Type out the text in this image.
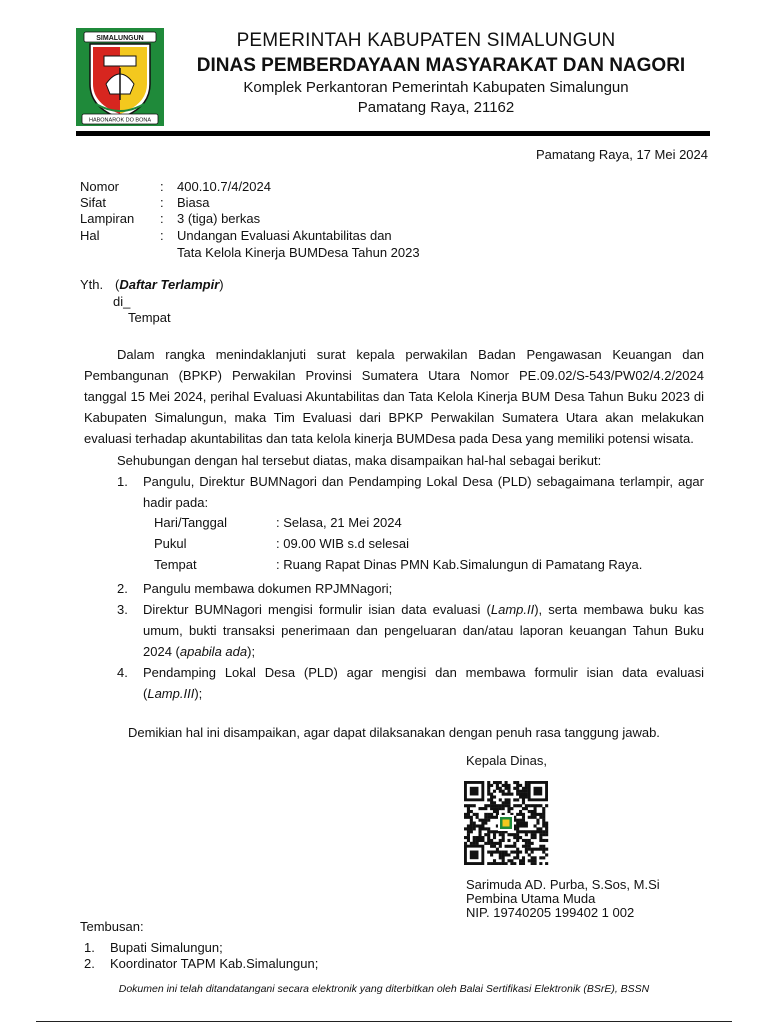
SIMALUNGUN
HABONAROK DO BONA
PEMERINTAH KABUPATEN SIMALUNGUN
DINAS PEMBERDAYAAN MASYARAKAT DAN NAGORI
Komplek Perkantoran Pemerintah Kabupaten Simalungun
Pamatang Raya, 21162
Pamatang Raya, 17 Mei 2024
Nomor	: 400.10.7/4/2024
Sifat	: Biasa
Lampiran : 3 (tiga) berkas
Hal	: Undangan Evaluasi Akuntabilitas dan
Tata Kelola Kinerja BUMDesa Tahun 2023
Yth. (Daftar Terlampir)
di_
Tempat
Dalam rangka menindaklanjuti surat kepala perwakilan Badan Pengawasan Keuangan dan Pembangunan (BPKP) Perwakilan Provinsi Sumatera Utara Nomor PE.09.02/S-543/PW02/4.2/2024 tanggal 15 Mei 2024, perihal Evaluasi Akuntabilitas dan Tata Kelola Kinerja BUM Desa Tahun Buku 2023 di Kabupaten Simalungun, maka Tim Evaluasi dari BPKP Perwakilan Sumatera Utara akan melakukan evaluasi terhadap akuntabilitas dan tata kelola kinerja BUMDesa pada Desa yang memiliki potensi wisata.
Sehubungan dengan hal tersebut diatas, maka disampaikan hal-hal sebagai berikut:
1. Pangulu, Direktur BUMNagori dan Pendamping Lokal Desa (PLD) sebagaimana terlampir, agar hadir pada:
Hari/Tanggal	: Selasa, 21 Mei 2024
Pukul	: 09.00 WIB s.d selesai
Tempat	: Ruang Rapat Dinas PMN Kab.Simalungun di Pamatang Raya.
2. Pangulu membawa dokumen RPJMNagori;
3. Direktur BUMNagori mengisi formulir isian data evaluasi (Lamp.II), serta membawa buku kas umum, bukti transaksi penerimaan dan pengeluaran dan/atau laporan keuangan Tahun Buku 2024 (apabila ada);
4. Pendamping Lokal Desa (PLD) agar mengisi dan membawa formulir isian data evaluasi (Lamp.III);
Demikian hal ini disampaikan, agar dapat dilaksanakan dengan penuh rasa tanggung jawab.
Kepala Dinas,
Sarimuda AD. Purba, S.Sos, M.Si
Pembina Utama Muda
NIP. 19740205 199402 1 002
Tembusan:
1. Bupati Simalungun;
2. Koordinator TAPM Kab.Simalungun;
Dokumen ini telah ditandatangani secara elektronik yang diterbitkan oleh Balai Sertifikasi Elektronik (BSrE), BSSN
